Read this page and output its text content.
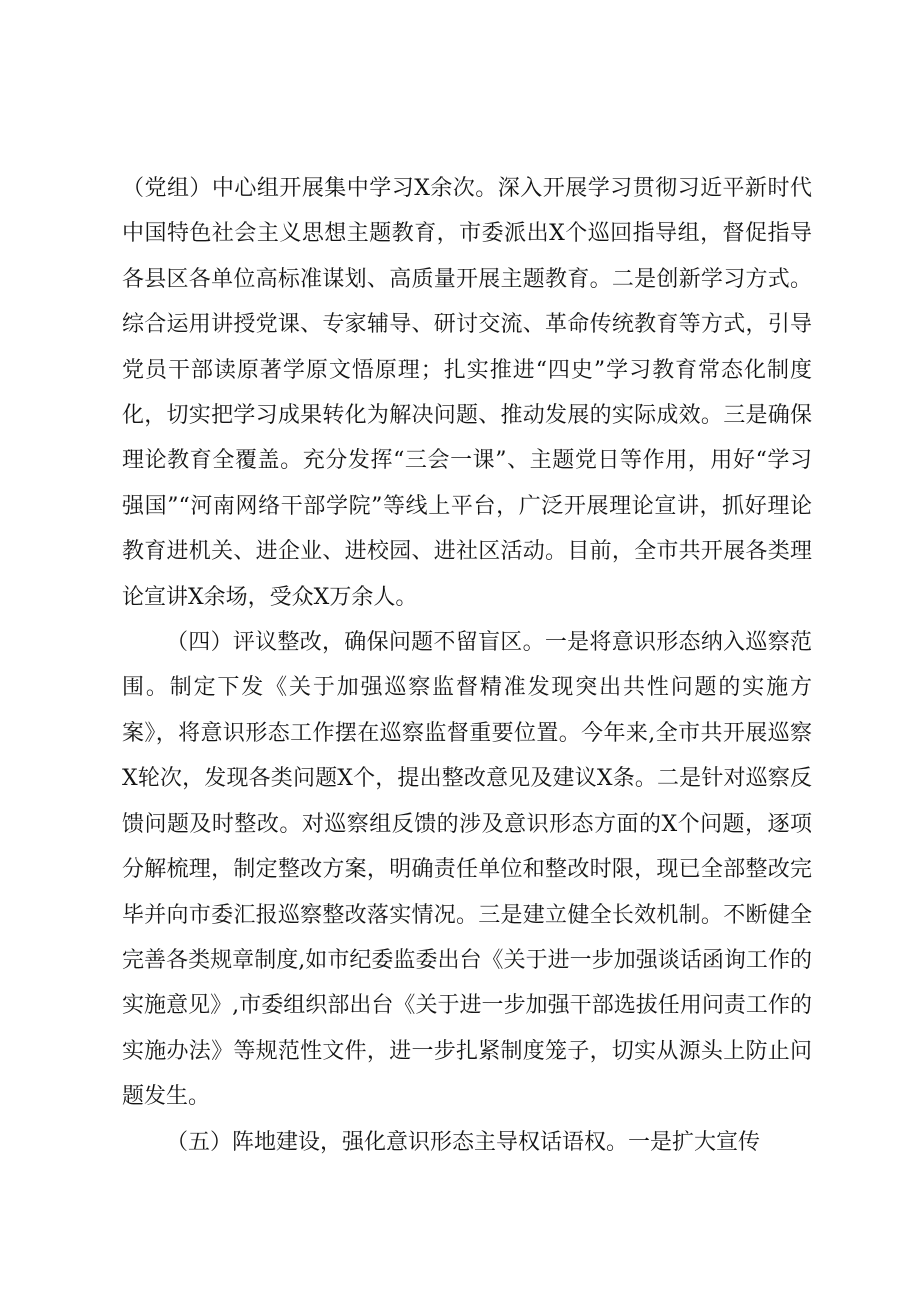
（党组）中心组开展集中学习X余次。深入开展学习贯彻习近平新时代中国特色社会主义思想主题教育，市委派出X个巡回指导组，督促指导各县区各单位高标准谋划、高质量开展主题教育。二是创新学习方式。综合运用讲授党课、专家辅导、研讨交流、革命传统教育等方式，引导党员干部读原著学原文悟原理；扎实推进“四史”学习教育常态化制度化，切实把学习成果转化为解决问题、推动发展的实际成效。三是确保理论教育全覆盖。充分发挥“三会一课”、主题党日等作用，用好“学习强国”“河南网络干部学院”等线上平台，广泛开展理论宣讲，抓好理论教育进机关、进企业、进校园、进社区活动。目前，全市共开展各类理论宣讲X余场，受众X万余人。

（四）评议整改，确保问题不留盲区。一是将意识形态纳入巡察范围。制定下发《关于加强巡察监督精准发现突出共性问题的实施方案》，将意识形态工作摆在巡察监督重要位置。今年来,全市共开展巡察X轮次，发现各类问题X个，提出整改意见及建议X条。二是针对巡察反馈问题及时整改。对巡察组反馈的涉及意识形态方面的X个问题，逐项分解梳理，制定整改方案，明确责任单位和整改时限，现已全部整改完毕并向市委汇报巡察整改落实情况。三是建立健全长效机制。不断健全完善各类规章制度,如市纪委监委出台《关于进一步加强谈话函询工作的实施意见》,市委组织部出台《关于进一步加强干部选拔任用问责工作的实施办法》等规范性文件，进一步扎紧制度笼子，切实从源头上防止问题发生。

（五）阵地建设，强化意识形态主导权话语权。一是扩大宣传
